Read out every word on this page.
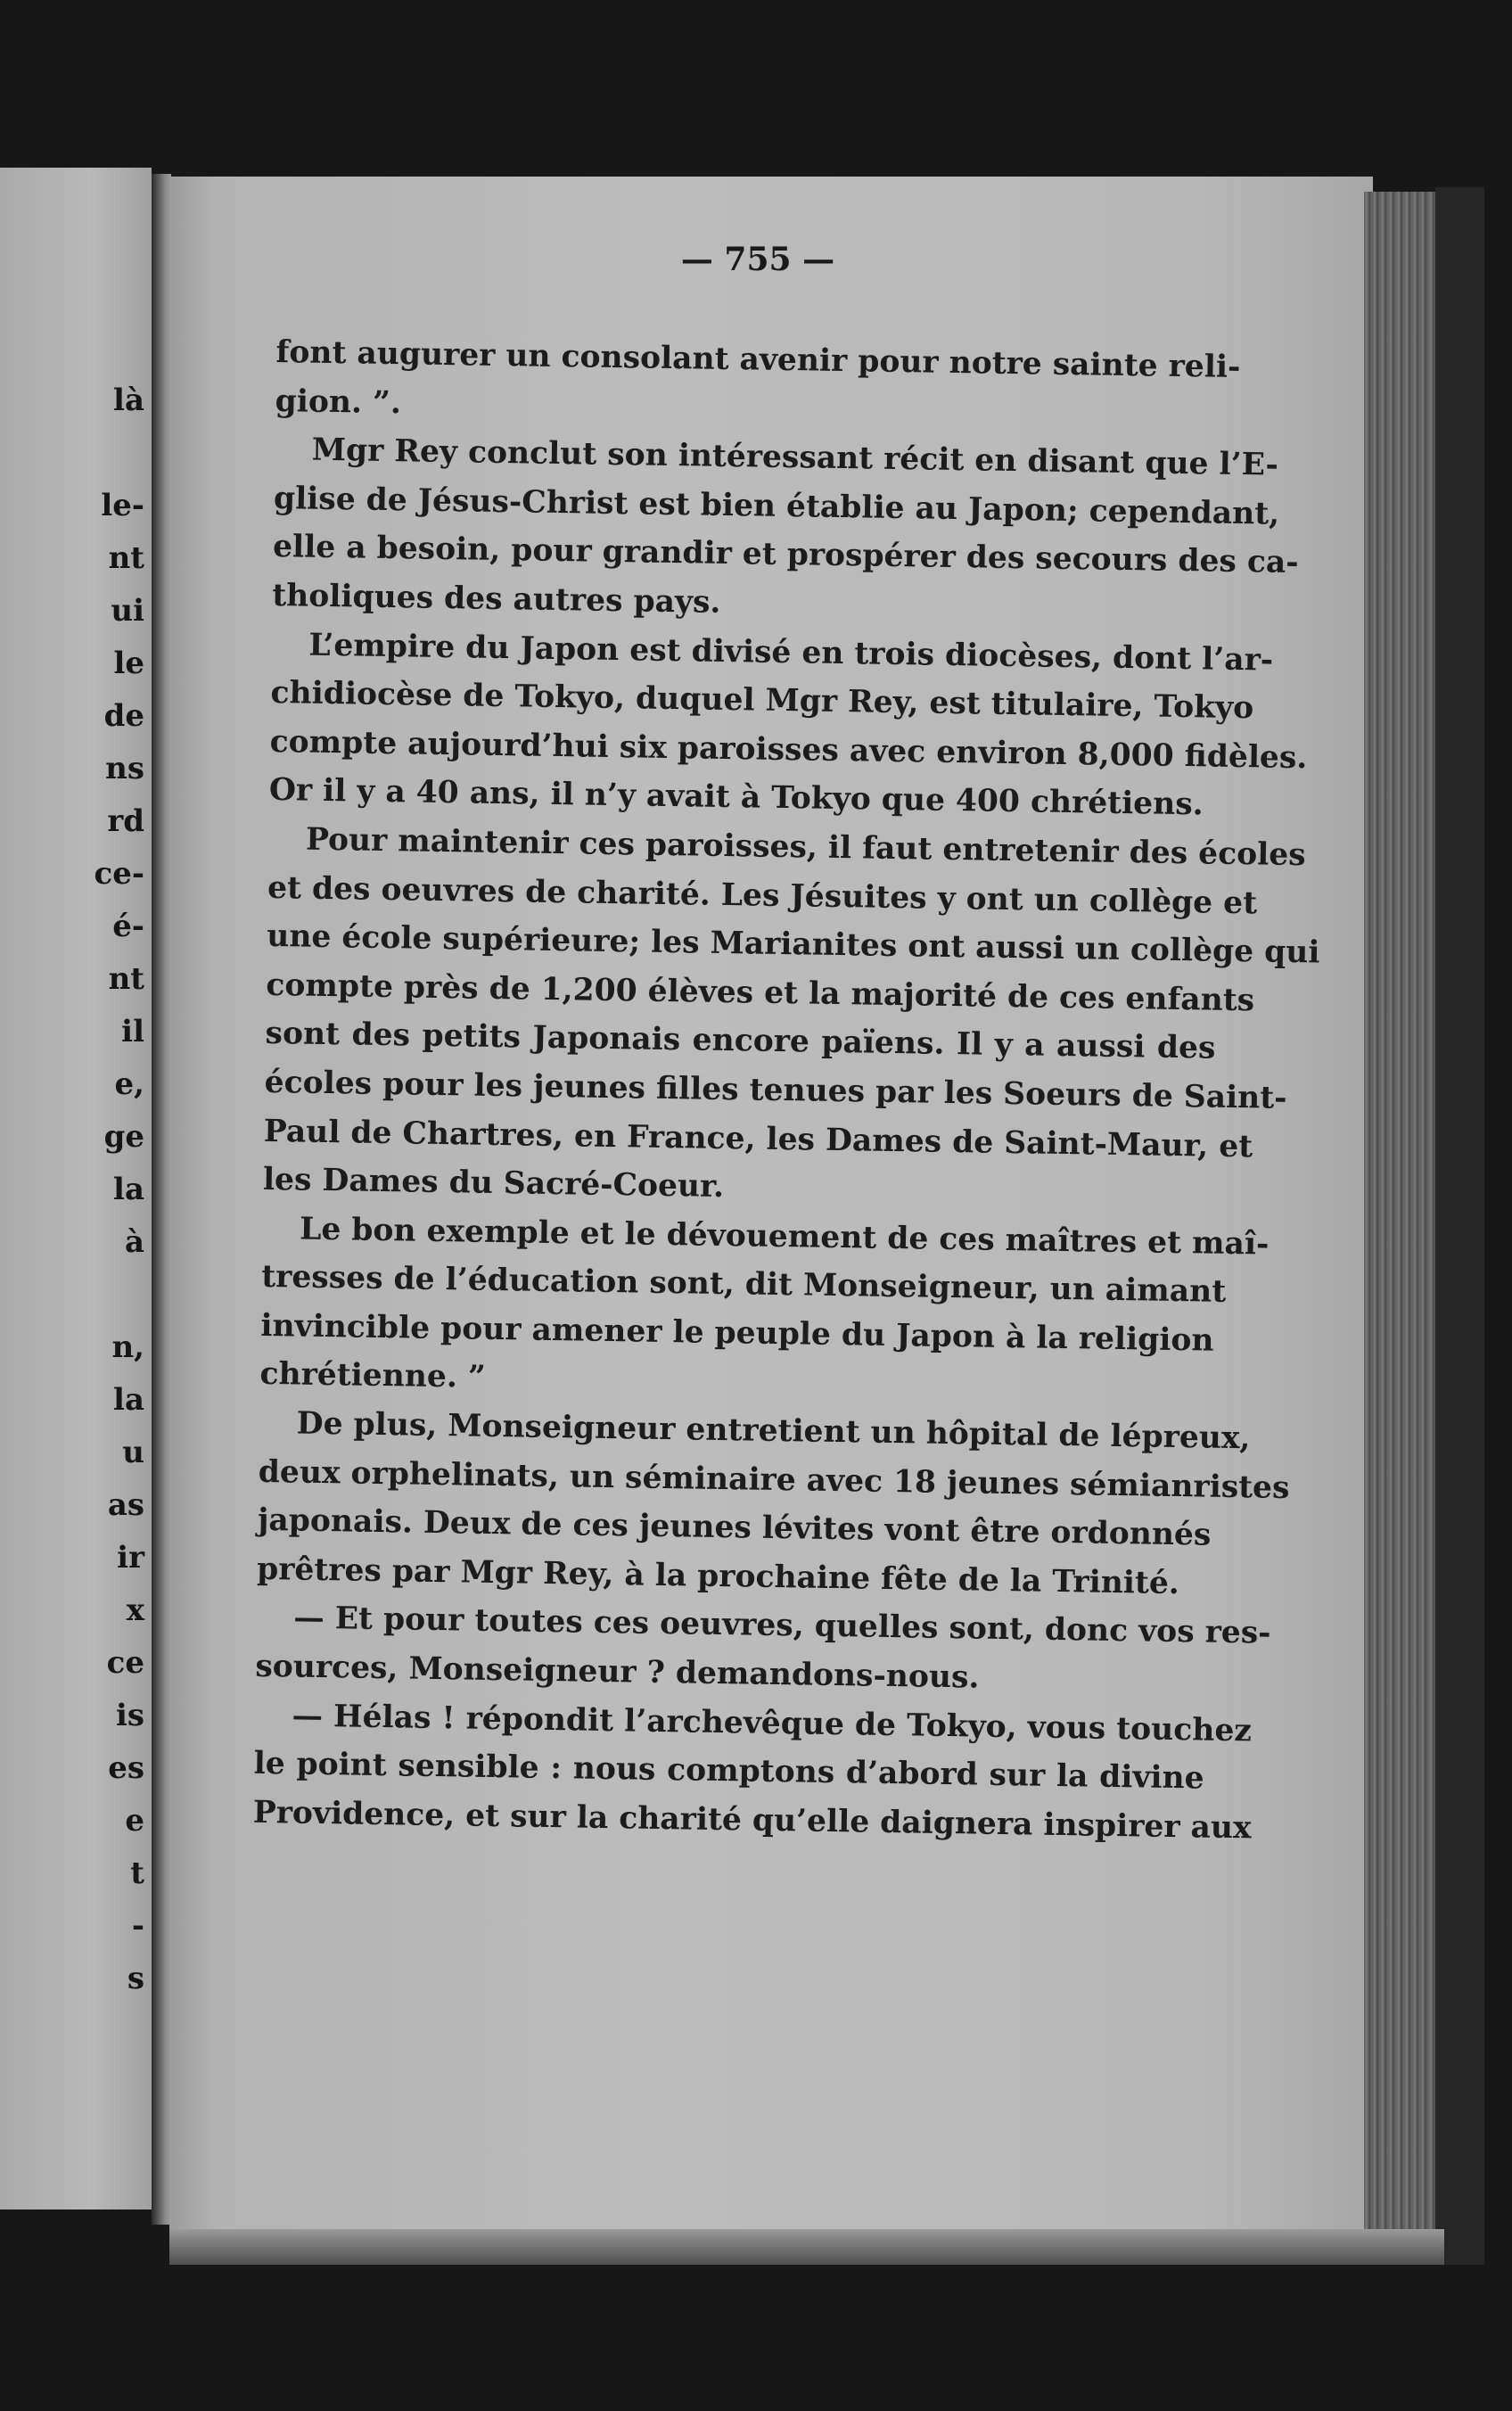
là
le-
nt
ui
le
de
ns
rd
ce-
é-
nt
il
e,
ge
la
à
n,
la
u
as
ir
x
ce
is
es
e
t
-
s
— 755 —
font augurer un consolant avenir pour notre sainte reli-
gion. ”.
Mgr Rey conclut son intéressant récit en disant que l’E-
glise de Jésus-Christ est bien établie au Japon; cependant,
elle a besoin, pour grandir et prospérer des secours des ca-
tholiques des autres pays.
L’empire du Japon est divisé en trois diocèses, dont l’ar-
chidiocèse de Tokyo, duquel Mgr Rey, est titulaire, Tokyo
compte aujourd’hui six paroisses avec environ 8,000 fidèles.
Or il y a 40 ans, il n’y avait à Tokyo que 400 chrétiens.
Pour maintenir ces paroisses, il faut entretenir des écoles
et des oeuvres de charité. Les Jésuites y ont un collège et
une école supérieure; les Marianites ont aussi un collège qui
compte près de 1,200 élèves et la majorité de ces enfants
sont des petits Japonais encore païens. Il y a aussi des
écoles pour les jeunes filles tenues par les Soeurs de Saint-
Paul de Chartres, en France, les Dames de Saint-Maur, et
les Dames du Sacré-Coeur.
Le bon exemple et le dévouement de ces maîtres et maî-
tresses de l’éducation sont, dit Monseigneur, un aimant
invincible pour amener le peuple du Japon à la religion
chrétienne. ”
De plus, Monseigneur entretient un hôpital de lépreux,
deux orphelinats, un séminaire avec 18 jeunes sémianristes
japonais. Deux de ces jeunes lévites vont être ordonnés
prêtres par Mgr Rey, à la prochaine fête de la Trinité.
— Et pour toutes ces oeuvres, quelles sont, donc vos res-
sources, Monseigneur ? demandons-nous.
— Hélas ! répondit l’archevêque de Tokyo, vous touchez
le point sensible : nous comptons d’abord sur la divine
Providence, et sur la charité qu’elle daignera inspirer aux
